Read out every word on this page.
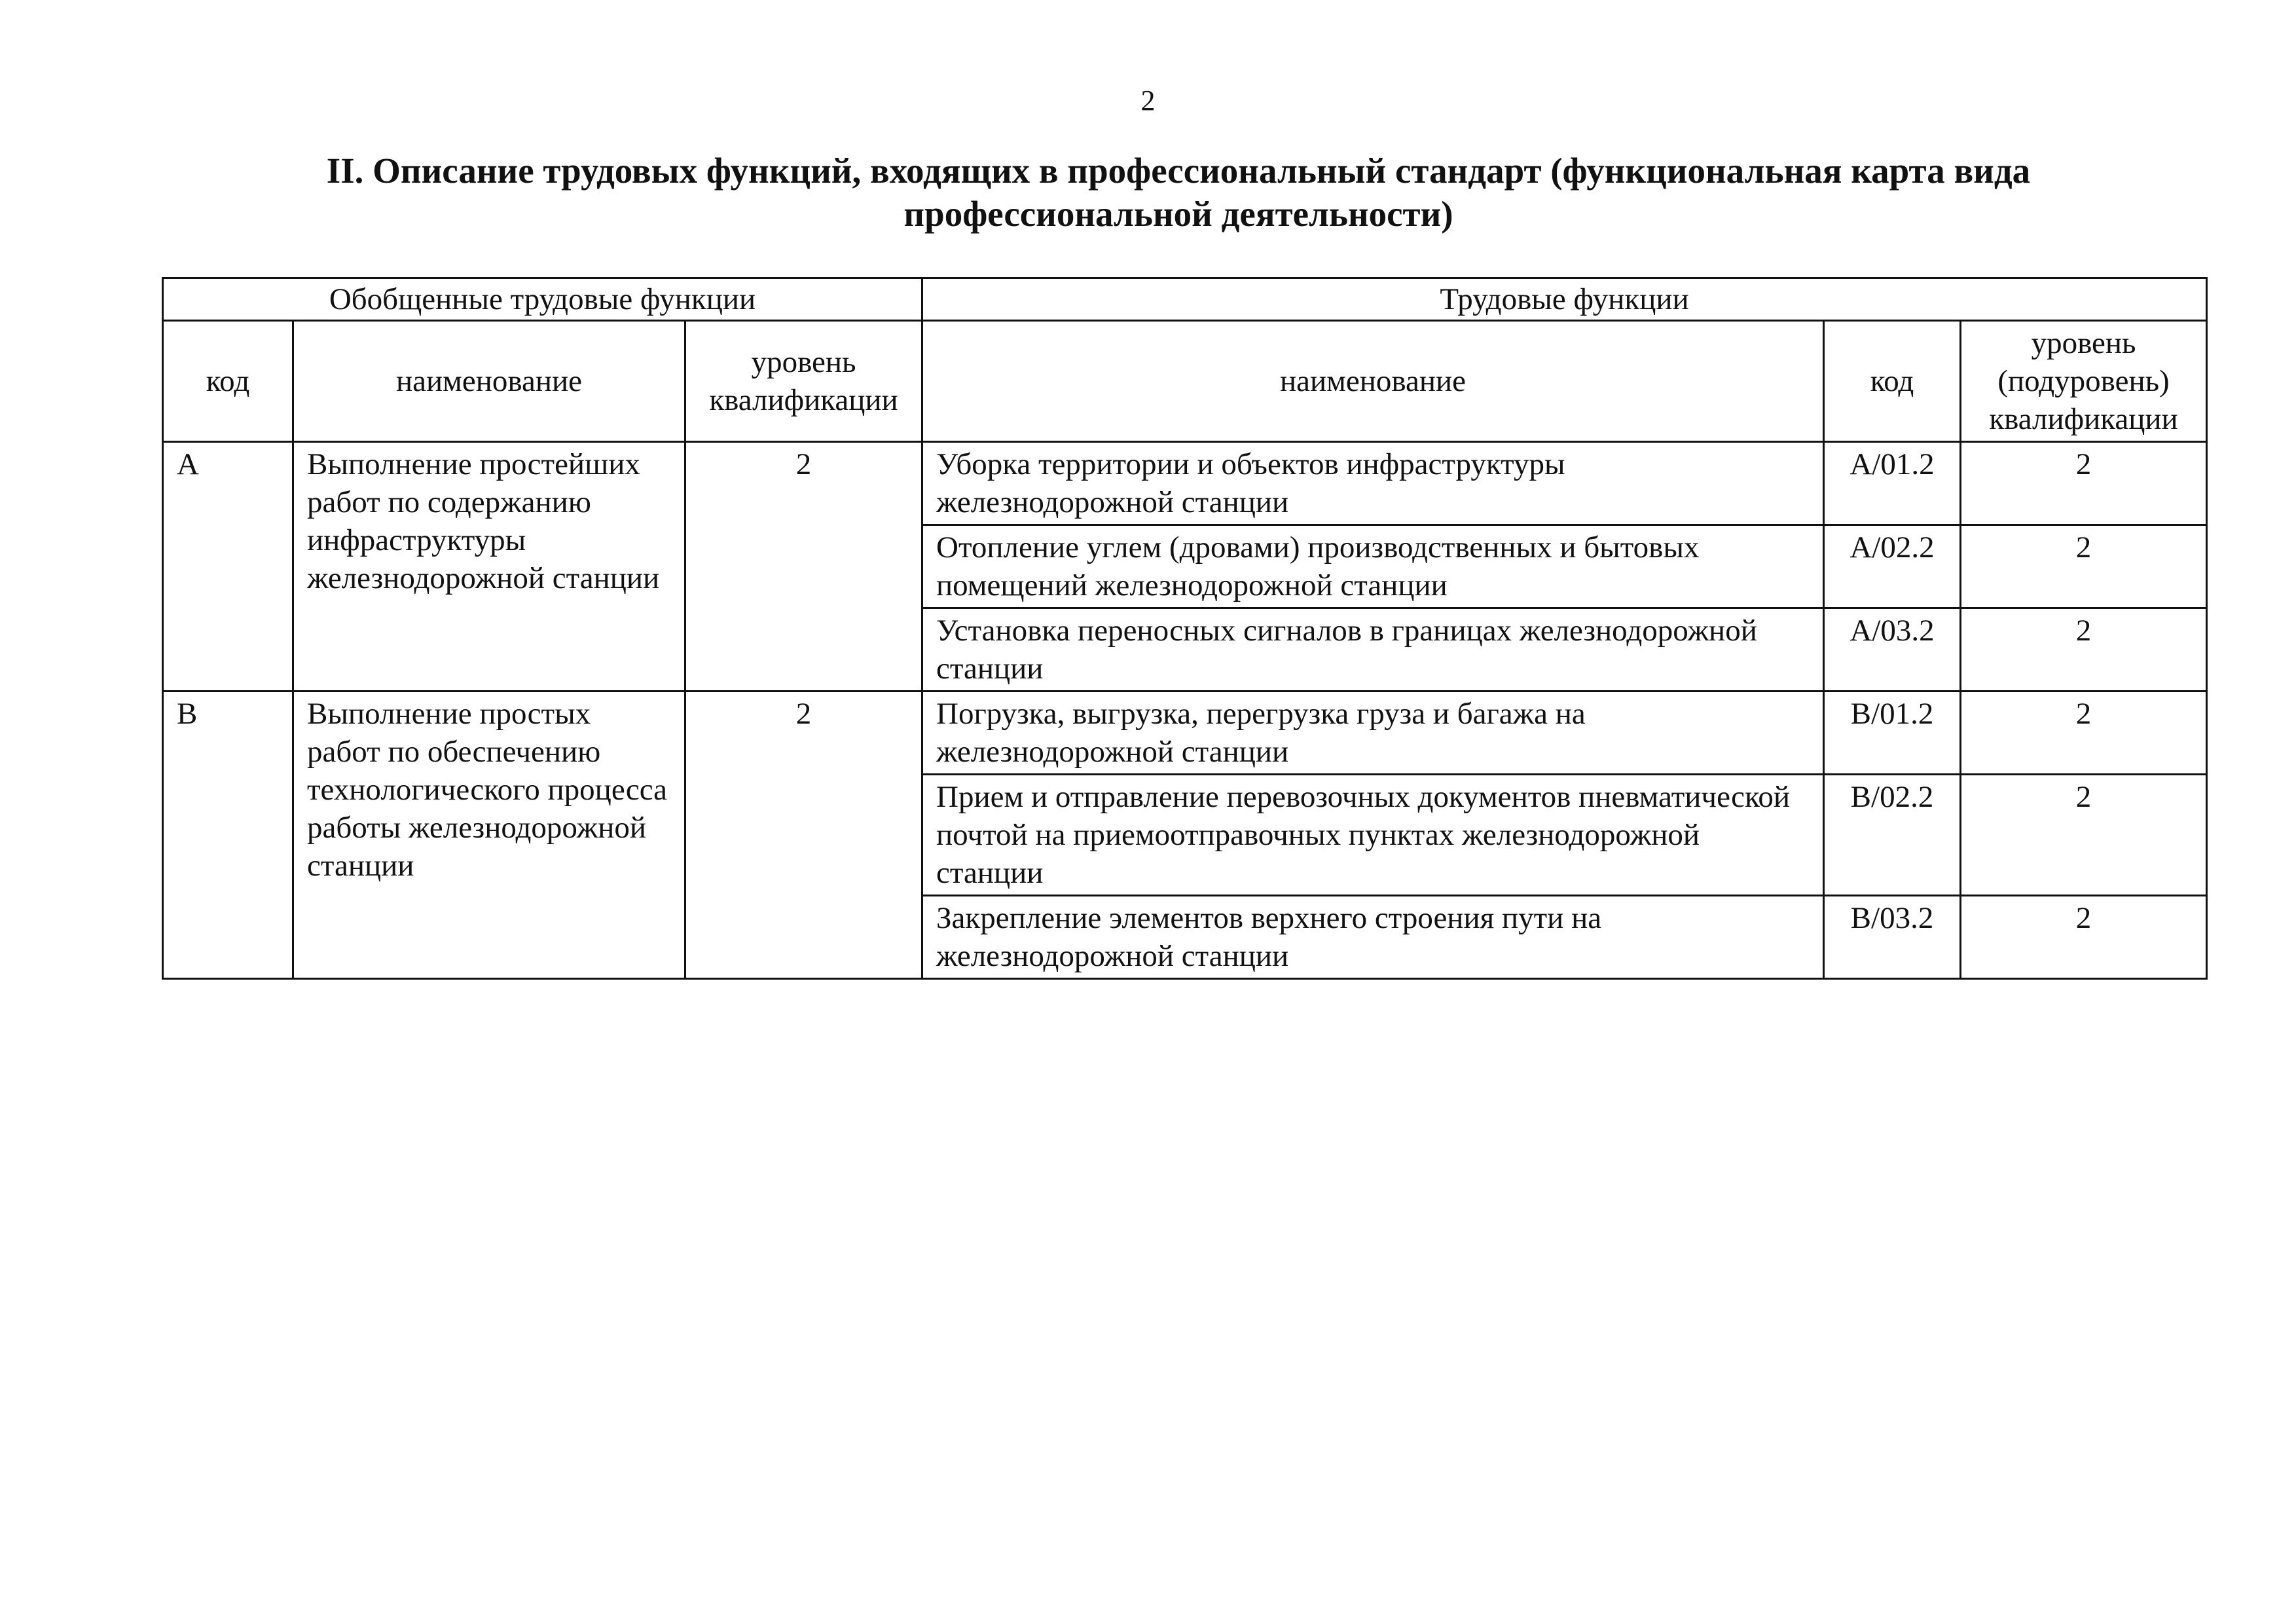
2
II. Описание трудовых функций, входящих в профессиональный стандарт (функциональная карта вида профессиональной деятельности)
Обобщенные трудовые функции			Трудовые функции		
код	наименование	уровень квалификации	наименование	код	уровень (подуровень) квалификации
A	Выполнение простейших работ по содержанию инфраструктуры железнодорожной станции	2	Уборка территории и объектов инфраструктуры железнодорожной станции	A/01.2	2
			Отопление углем (дровами) производственных и бытовых помещений железнодорожной станции	A/02.2	2
			Установка переносных сигналов в границах железнодорожной станции	A/03.2	2
B	Выполнение простых работ по обеспечению технологического процесса работы железнодорожной станции	2	Погрузка, выгрузка, перегрузка груза и багажа на железнодорожной станции	B/01.2	2
			Прием и отправление перевозочных документов пневматической почтой на приемоотправочных пунктах железнодорожной станции	B/02.2	2
			Закрепление элементов верхнего строения пути на железнодорожной станции	B/03.2	2
